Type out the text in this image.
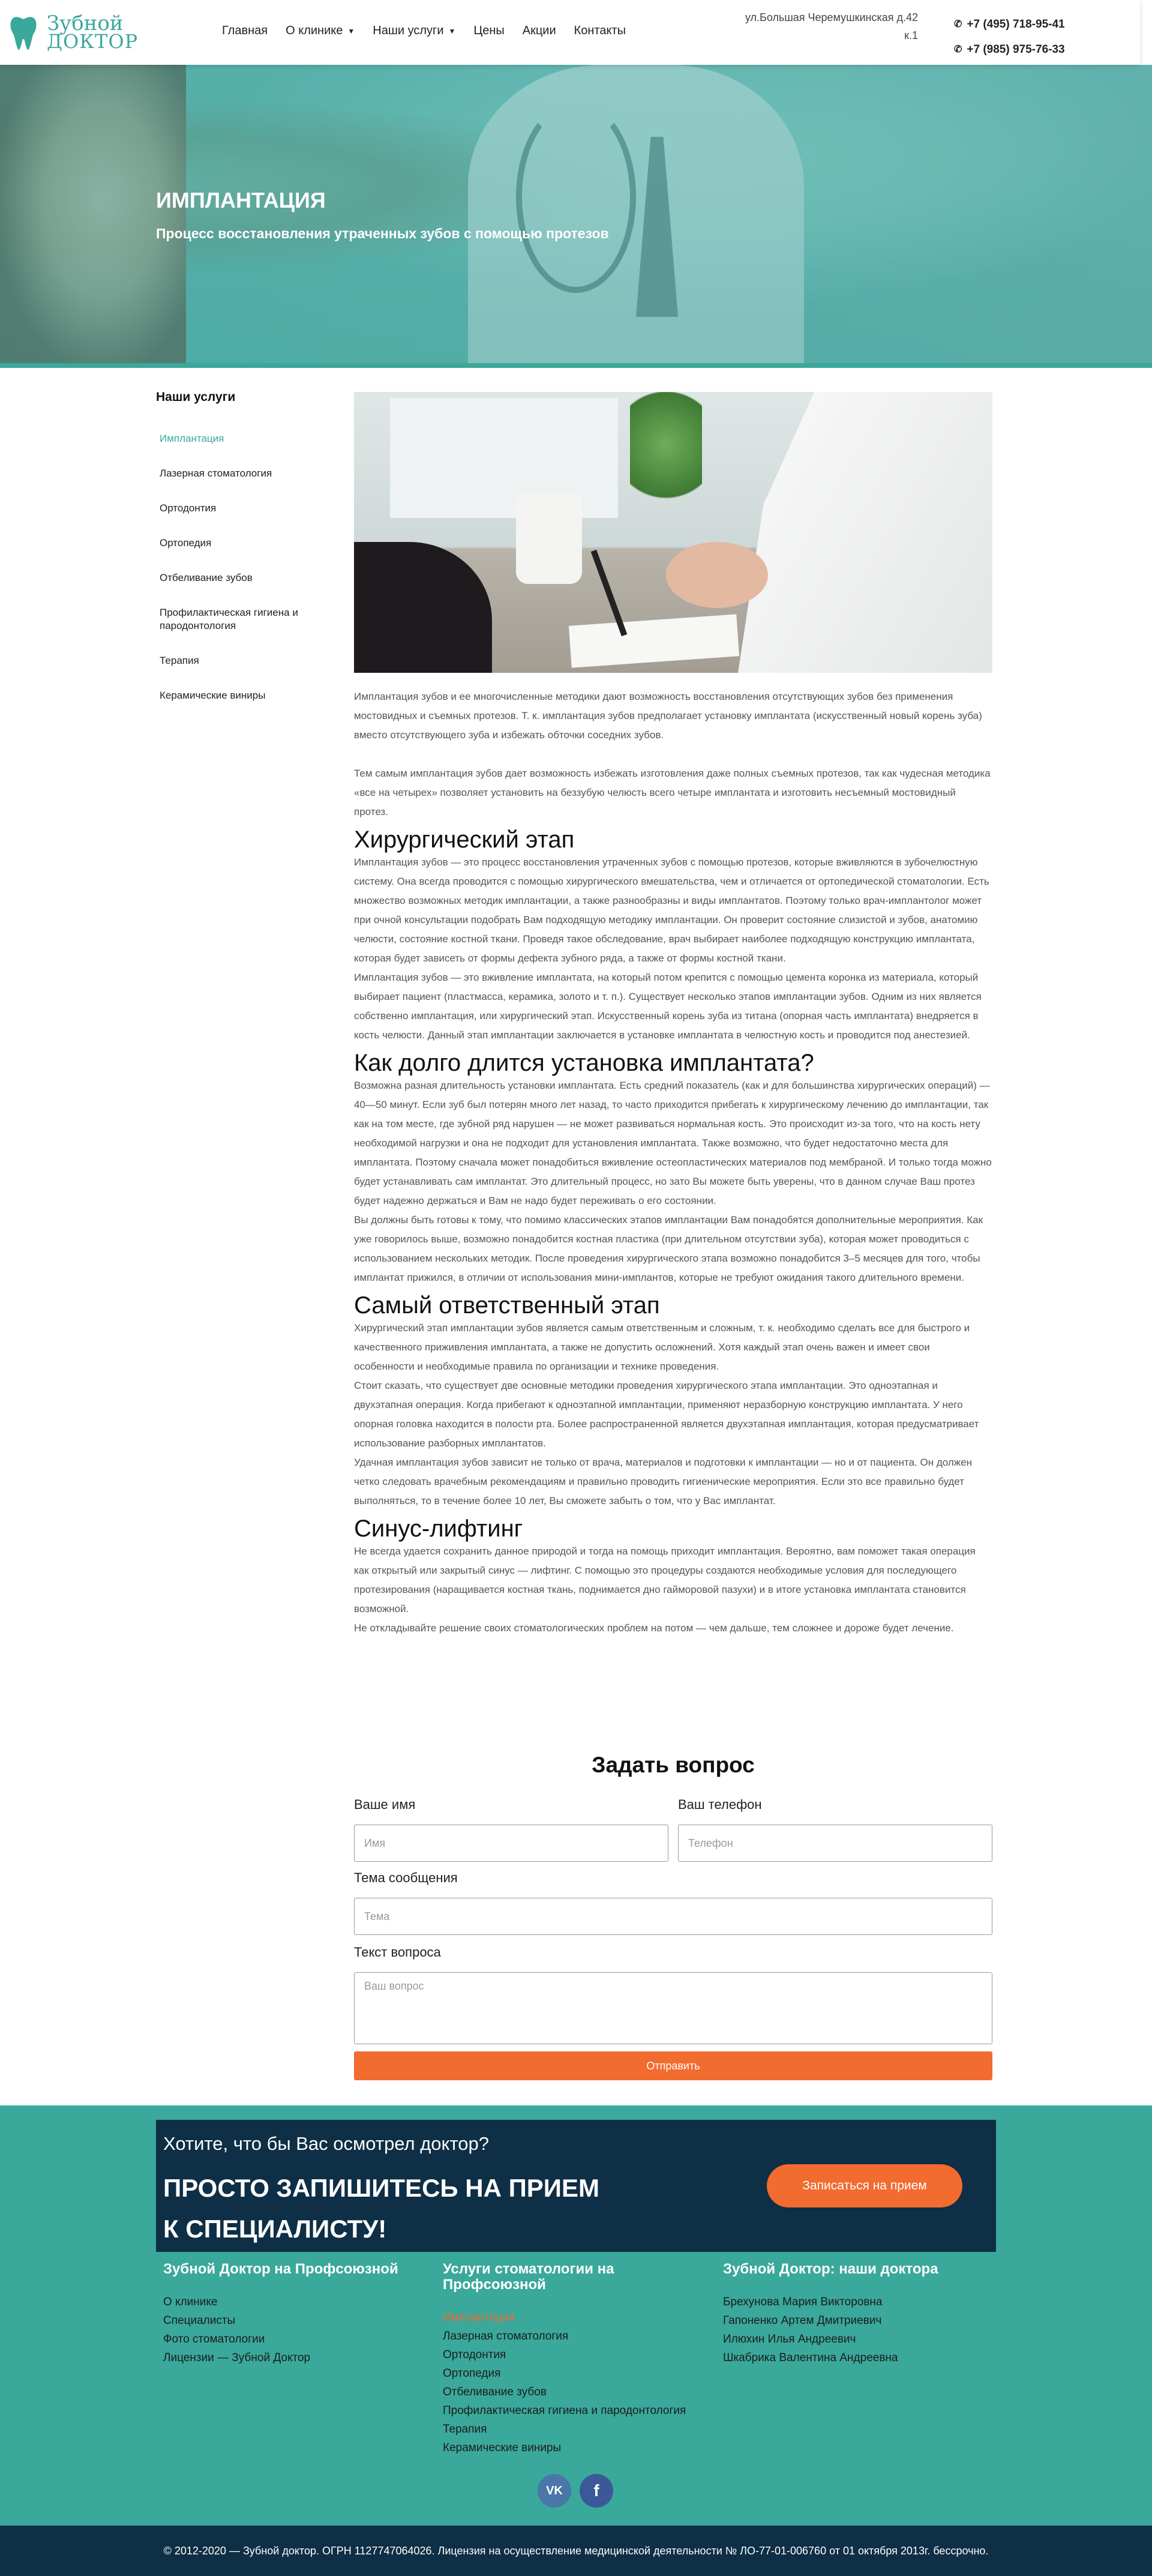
Зубной
ДОКТОР	Главная О клинике ▼ Наши услуги ▼ Цены Акции Контакты
ул.Большая Черемушкинская д.42
к.1
✆ +7 (495) 718-95-41
✆ +7 (985) 975-76-33
ИМПЛАНТАЦИЯ
Процесс восстановления утраченных зубов с помощью протезов
Наши услуги
Имплантация
Лазерная стоматология
Ортодонтия
Ортопедия
Отбеливание зубов
Профилактическая гигиена и пародонтология
Терапия
Керамические виниры	Имплантация зубов и ее многочисленные методики дают возможность восстановления отсутствующих зубов без применения мостовидных и съемных протезов. Т. к. имплантация зубов предполагает установку имплантата (искусственный новый корень зуба) вместо отсутствующего зуба и избежать обточки соседних зубов.

Тем самым имплантация зубов дает возможность избежать изготовления даже полных съемных протезов, так как чудесная методика «все на четырех» позволяет установить на беззубую челюсть всего четыре имплантата и изготовить несъемный мостовидный протез.

Хирургический этап

Имплантация зубов — это процесс восстановления утраченных зубов с помощью протезов, которые вживляются в зубочелюстную систему. Она всегда проводится с помощью хирургического вмешательства, чем и отличается от ортопедической стоматологии. Есть множество возможных методик имплантации, а также разнообразны и виды имплантатов. Поэтому только врач-имплантолог может при очной консультации подобрать Вам подходящую методику имплантации. Он проверит состояние слизистой и зубов, анатомию челюсти, состояние костной ткани. Проведя такое обследование, врач выбирает наиболее подходящую конструкцию имплантата, которая будет зависеть от формы дефекта зубного ряда, а также от формы костной ткани.

Имплантация зубов — это вживление имплантата, на который потом крепится с помощью цемента коронка из материала, который выбирает пациент (пластмасса, керамика, золото и т. п.). Существует несколько этапов имплантации зубов. Одним из них является собственно имплантация, или хирургический этап. Искусственный корень зуба из титана (опорная часть имплантата) внедряется в кость челюсти. Данный этап имплантации заключается в установке имплантата в челюстную кость и проводится под анестезией.

Как долго длится установка имплантата?

Возможна разная длительность установки имплантата. Есть средний показатель (как и для большинства хирургических операций) — 40—50 минут. Если зуб был потерян много лет назад, то часто приходится прибегать к хирургическому лечению до имплантации, так как на том месте, где зубной ряд нарушен — не может развиваться нормальная кость. Это происходит из-за того, что на кость нету необходимой нагрузки и она не подходит для установления имплантата. Также возможно, что будет недостаточно места для имплантата. Поэтому сначала может понадобиться вживление остеопластических материалов под мембраной. И только тогда можно будет устанавливать сам имплантат. Это длительный процесс, но зато Вы можете быть уверены, что в данном случае Ваш протез будет надежно держаться и Вам не надо будет переживать о его состоянии.

Вы должны быть готовы к тому, что помимо классических этапов имплантации Вам понадобятся дополнительные мероприятия. Как уже говорилось выше, возможно понадобится костная пластика (при длительном отсутствии зуба), которая может проводиться с использованием нескольких методик. После проведения хирургического этапа возможно понадобится 3–5 месяцев для того, чтобы имплантат прижился, в отличии от использования мини-имплантов, которые не требуют ожидания такого длительного времени.

Самый ответственный этап

Хирургический этап имплантации зубов является самым ответственным и сложным, т. к. необходимо сделать все для быстрого и качественного приживления имплантата, а также не допустить осложнений. Хотя каждый этап очень важен и имеет свои особенности и необходимые правила по организации и технике проведения.

Стоит сказать, что существует две основные методики проведения хирургического этапа имплантации. Это одноэтапная и двухэтапная операция. Когда прибегают к одноэтапной имплантации, применяют неразборную конструкцию имплантата. У него опорная головка находится в полости рта. Более распространенной является двухэтапная имплантация, которая предусматривает использование разборных имплантатов.

Удачная имплантация зубов зависит не только от врача, материалов и подготовки к имплантации — но и от пациента. Он должен четко следовать врачебным рекомендациям и правильно проводить гигиенические мероприятия. Если это все правильно будет выполняться, то в течение более 10 лет, Вы сможете забыть о том, что у Вас имплантат.

Синус-лифтинг

Не всегда удается сохранить данное природой и тогда на помощь приходит имплантация. Вероятно, вам поможет такая операция как открытый или закрытый синус — лифтинг. С помощью это процедуры создаются необходимые условия для последующего протезирования (наращивается костная ткань, поднимается дно гайморовой пазухи) и в итоге установка имплантата становится возможной.

Не откладывайте решение своих стоматологических проблем на потом — чем дальше, тем сложнее и дороже будет лечение.

Задать вопрос
Ваше имя
Имя
Ваш телефон
Телефон
Тема сообщения
Тема
Текст вопроса
Ваш вопрос
Отправить
Хотите, что бы Вас осмотрел доктор?
ПРОСТО ЗАПИШИТЕСЬ НА ПРИЕМ К СПЕЦИАЛИСТУ!
Записаться на прием
Зубной Доктор на Профсоюзной
О клинике
Специалисты
Фото стоматологии
Лицензии — Зубной Доктор
Услуги стоматологии на Профсоюзной
Имплантация
Лазерная стоматология
Ортодонтия
Ортопедия
Отбеливание зубов
Профилактическая гигиена и пародонтология
Терапия
Керамические виниры
Зубной Доктор: наши доктора
Брехунова Мария Викторовна
Гапоненко Артем Дмитриевич
Илюхин Илья Андреевич
Шкабрика Валентина Андреевна
VK f
© 2012-2020 — Зубной доктор. ОГРН 1127747064026. Лицензия на осуществление медицинской деятельности № ЛО-77-01-006760 от 01 октября 2013г. бессрочно.
